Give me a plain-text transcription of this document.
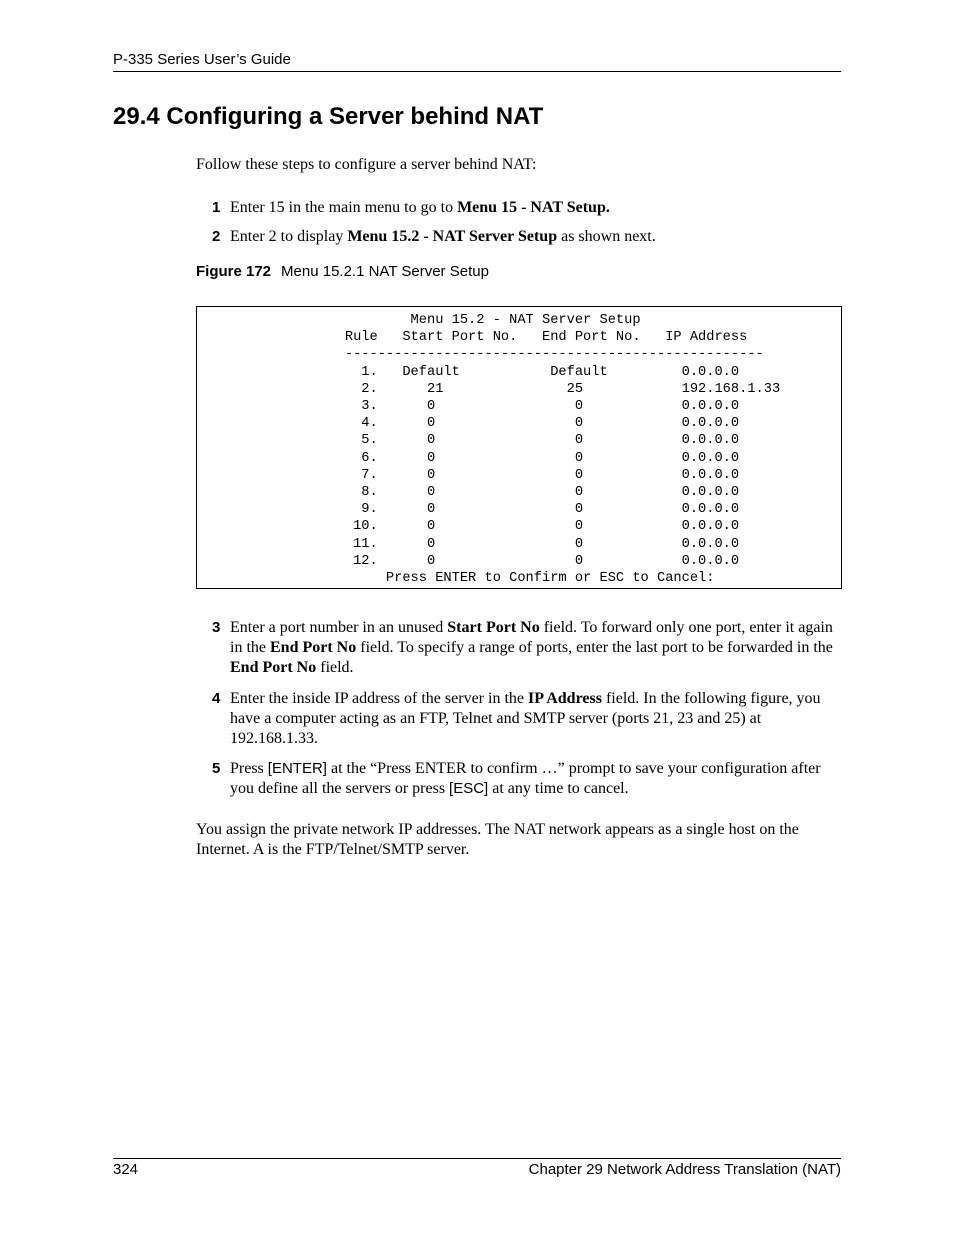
P-335 Series User’s Guide
29.4 Configuring a Server behind NAT
Follow these steps to configure a server behind NAT:
1 Enter 15 in the main menu to go to Menu 15 - NAT Setup.
2 Enter 2 to display Menu 15.2 - NAT Server Setup as shown next.
Figure 172 Menu 15.2.1 NAT Server Setup
Menu 15.2 - NAT Server Setup
Rule   Start Port No.   End Port No.   IP Address
---------------------------------------------------
1.   Default           Default         0.0.0.0
2.      21               25            192.168.1.33
3.      0                 0            0.0.0.0
4.      0                 0            0.0.0.0
5.      0                 0            0.0.0.0
6.      0                 0            0.0.0.0
7.      0                 0            0.0.0.0
8.      0                 0            0.0.0.0
9.      0                 0            0.0.0.0
10.      0                 0            0.0.0.0
11.      0                 0            0.0.0.0
12.      0                 0            0.0.0.0
Press ENTER to Confirm or ESC to Cancel:
3 Enter a port number in an unused Start Port No field. To forward only one port, enter it again in the End Port No field. To specify a range of ports, enter the last port to be forwarded in the End Port No field.
4 Enter the inside IP address of the server in the IP Address field. In the following figure, you have a computer acting as an FTP, Telnet and SMTP server (ports 21, 23 and 25) at 192.168.1.33.
5 Press [ENTER] at the “Press ENTER to confirm …” prompt to save your configuration after you define all the servers or press [ESC] at any time to cancel.
You assign the private network IP addresses. The NAT network appears as a single host on the Internet. A is the FTP/Telnet/SMTP server.
324	Chapter 29 Network Address Translation (NAT)
